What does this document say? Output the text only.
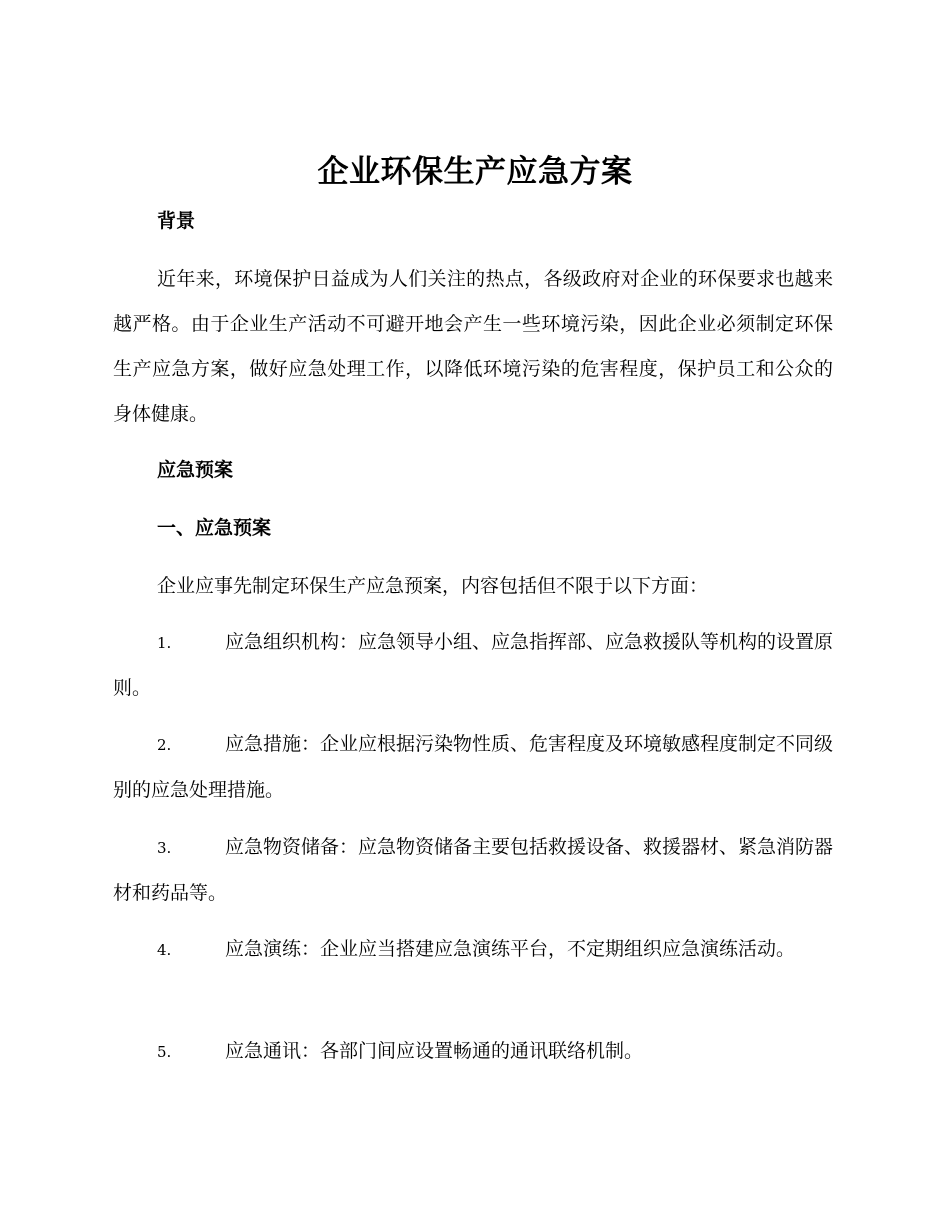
企业环保生产应急方案
背景

近年来，环境保护日益成为人们关注的热点，各级政府对企业的环保要求也越来越严格。由于企业生产活动不可避开地会产生一些环境污染，因此企业必须制定环保生产应急方案，做好应急处理工作，以降低环境污染的危害程度，保护员工和公众的身体健康。

应急预案
一、应急预案

企业应事先制定环保生产应急预案，内容包括但不限于以下方面：

1.	应急组织机构：应急领导小组、应急指挥部、应急救援队等机构的设置原则。

2.	应急措施：企业应根据污染物性质、危害程度及环境敏感程度制定不同级别的应急处理措施。

3.	应急物资储备：应急物资储备主要包括救援设备、救援器材、紧急消防器材和药品等。

4.	应急演练：企业应当搭建应急演练平台，不定期组织应急演练活动。

5.	应急通讯：各部门间应设置畅通的通讯联络机制。
